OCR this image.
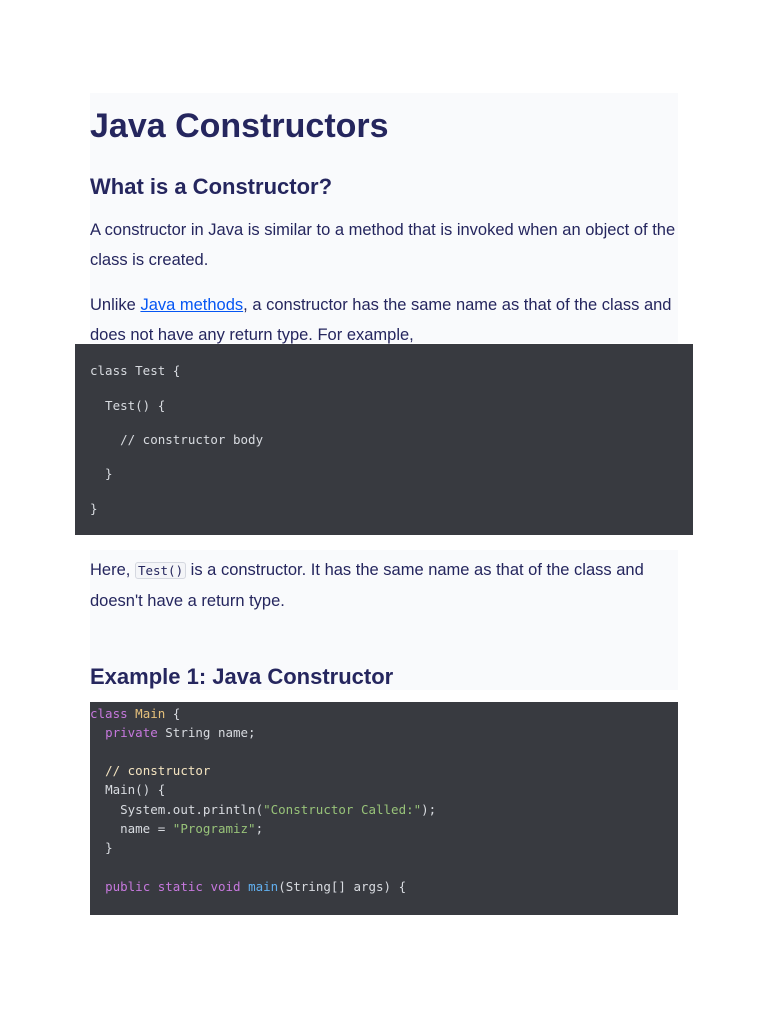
Java Constructors
What is a Constructor?

A constructor in Java is similar to a method that is invoked when an object of the class is created.

Unlike Java methods, a constructor has the same name as that of the class and does not have any return type. For example,

class Test {
Test() {
// constructor body
}
}

Here, Test() is a constructor. It has the same name as that of the class and doesn't have a return type.

Example 1: Java Constructor
class Main {
private String name;
// constructor
Main() {
System.out.println("Constructor Called:");
name = "Programiz";
}
public static void main(String[] args) {
